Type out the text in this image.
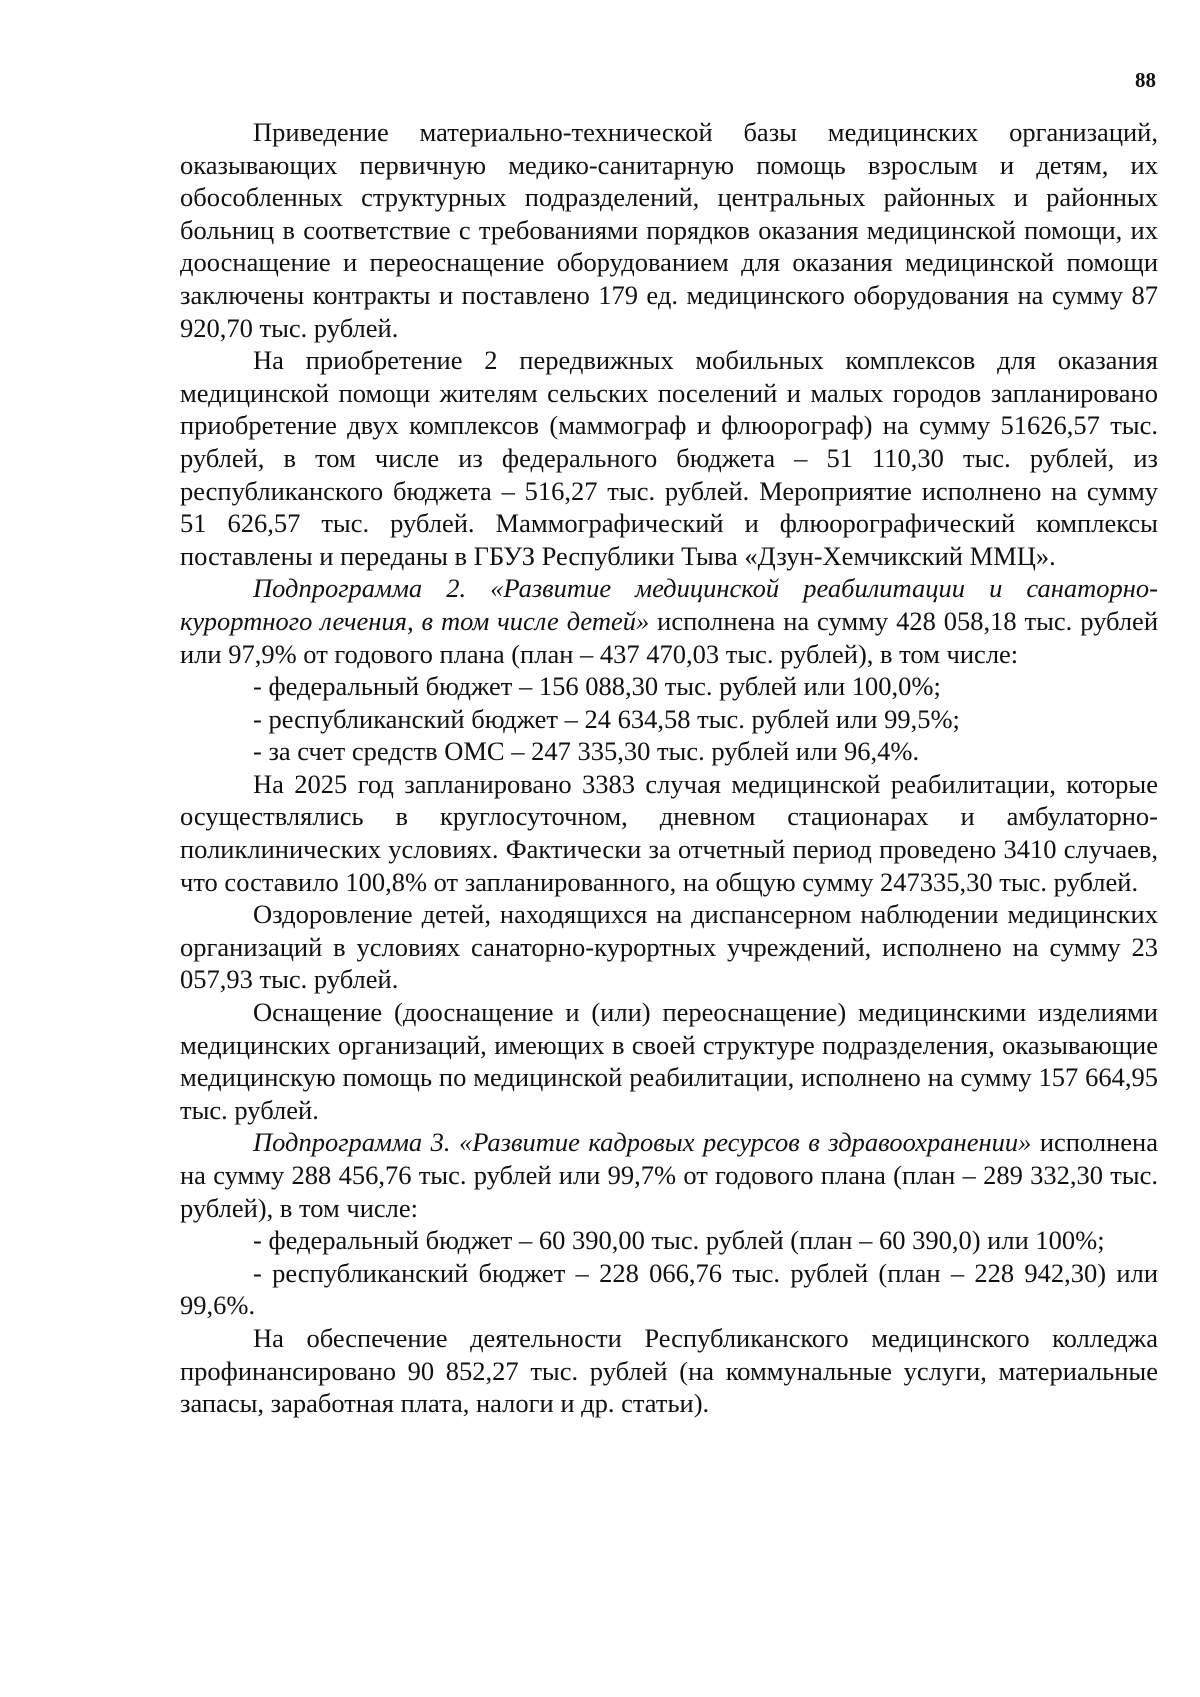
88

Приведение материально-технической базы медицинских организаций, оказывающих первичную медико-санитарную помощь взрослым и детям, их обособленных структурных подразделений, центральных районных и районных больниц в соответствие с требованиями порядков оказания медицинской помощи, их дооснащение и переоснащение оборудованием для оказания медицинской помощи заключены контракты и поставлено 179 ед. медицинского оборудования на сумму 87 920,70 тыс. рублей.

На приобретение 2 передвижных мобильных комплексов для оказания медицинской помощи жителям сельских поселений и малых городов запланировано приобретение двух комплексов (маммограф и флюорограф) на сумму 51626,57 тыс. рублей, в том числе из федерального бюджета – 51 110,30 тыс. рублей, из республиканского бюджета – 516,27 тыс. рублей. Мероприятие исполнено на сумму 51 626,57 тыс. рублей. Маммографический и флюорографический комплексы поставлены и переданы в ГБУЗ Республики Тыва «Дзун-Хемчикский ММЦ».

Подпрограмма 2. «Развитие медицинской реабилитации и санаторно-курортного лечения, в том числе детей» исполнена на сумму 428 058,18 тыс. рублей или 97,9% от годового плана (план – 437 470,03 тыс. рублей), в том числе:

- федеральный бюджет – 156 088,30 тыс. рублей или 100,0%;

- республиканский бюджет – 24 634,58 тыс. рублей или 99,5%;

- за счет средств ОМС – 247 335,30 тыс. рублей или 96,4%.

На 2025 год запланировано 3383 случая медицинской реабилитации, которые осуществлялись в круглосуточном, дневном стационарах и амбулаторно-поликлинических условиях. Фактически за отчетный период проведено 3410 случаев, что составило 100,8% от запланированного, на общую сумму 247335,30 тыс. рублей.

Оздоровление детей, находящихся на диспансерном наблюдении медицинских организаций в условиях санаторно-курортных учреждений, исполнено на сумму 23 057,93 тыс. рублей.

Оснащение (дооснащение и (или) переоснащение) медицинскими изделиями медицинских организаций, имеющих в своей структуре подразделения, оказывающие медицинскую помощь по медицинской реабилитации, исполнено на сумму 157 664,95 тыс. рублей.

Подпрограмма 3. «Развитие кадровых ресурсов в здравоохранении» исполнена на сумму 288 456,76 тыс. рублей или 99,7% от годового плана (план – 289 332,30 тыс. рублей), в том числе:

- федеральный бюджет – 60 390,00 тыс. рублей (план – 60 390,0) или 100%;

- республиканский бюджет – 228 066,76 тыс. рублей (план – 228 942,30) или 99,6%.

На обеспечение деятельности Республиканского медицинского колледжа профинансировано 90 852,27 тыс. рублей (на коммунальные услуги, материальные запасы, заработная плата, налоги и др. статьи).
